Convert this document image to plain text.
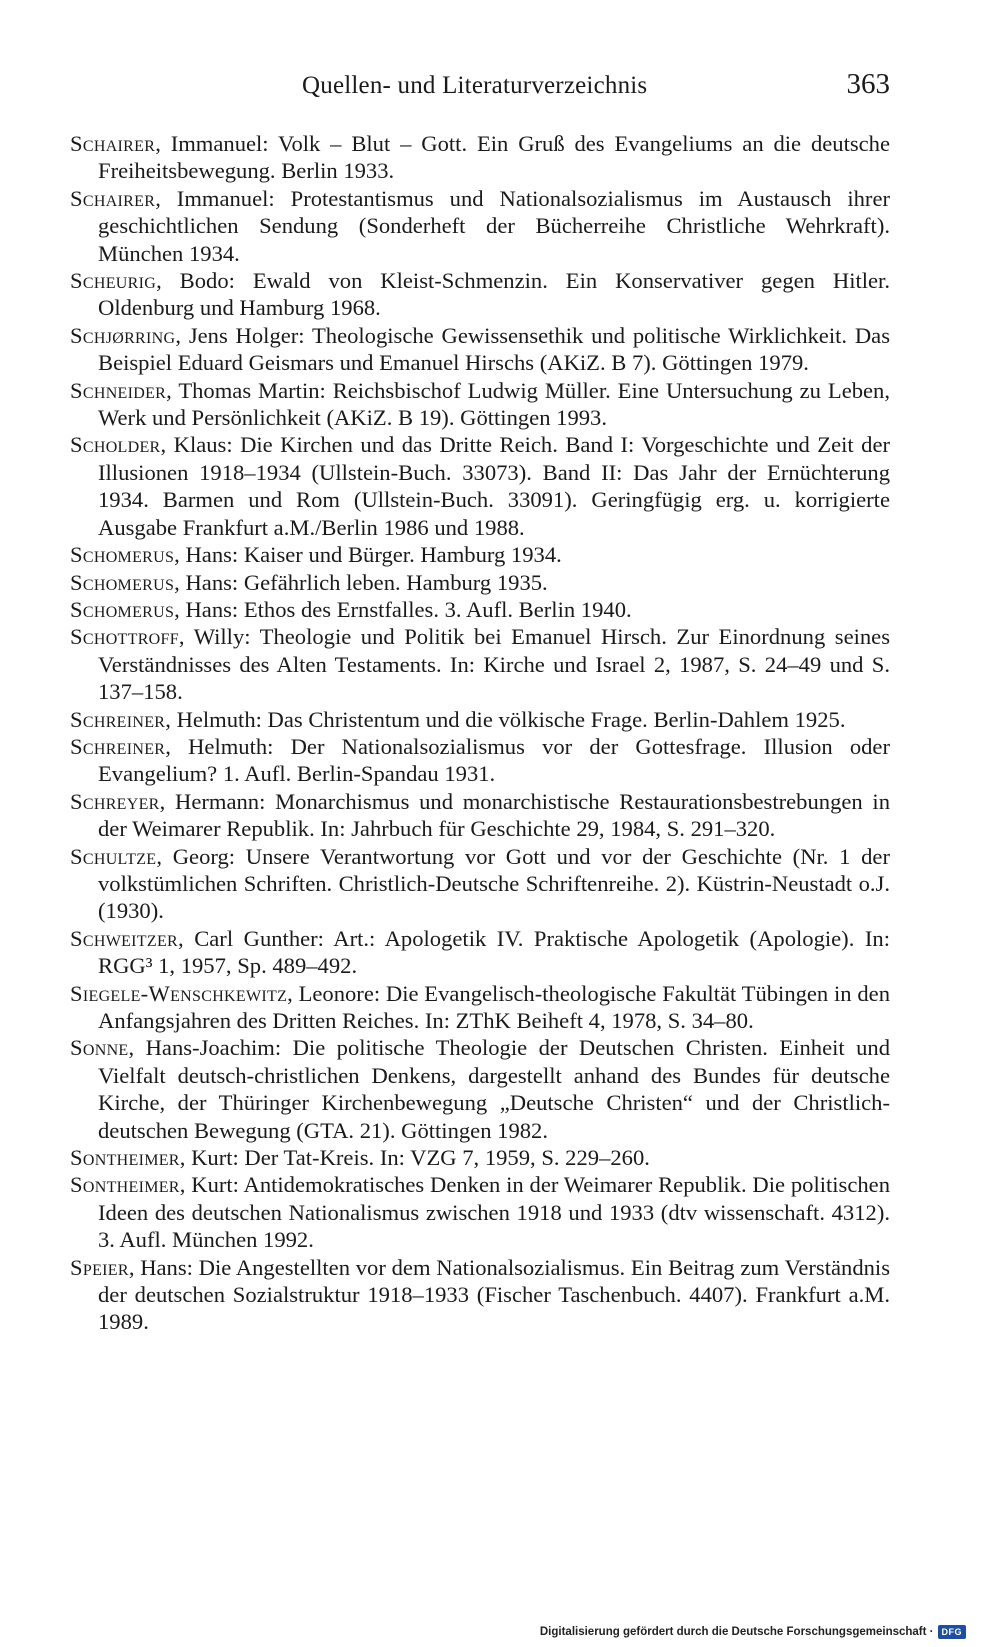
Quellen- und Literaturverzeichnis	363

Schairer, Immanuel: Volk – Blut – Gott. Ein Gruß des Evangeliums an die deutsche Freiheitsbewegung. Berlin 1933.

Schairer, Immanuel: Protestantismus und Nationalsozialismus im Austausch ihrer geschichtlichen Sendung (Sonderheft der Bücherreihe Christliche Wehrkraft). München 1934.

Scheurig, Bodo: Ewald von Kleist-Schmenzin. Ein Konservativer gegen Hitler. Oldenburg und Hamburg 1968.

Schjørring, Jens Holger: Theologische Gewissensethik und politische Wirklichkeit. Das Beispiel Eduard Geismars und Emanuel Hirschs (AKiZ. B 7). Göttingen 1979.

Schneider, Thomas Martin: Reichsbischof Ludwig Müller. Eine Untersuchung zu Leben, Werk und Persönlichkeit (AKiZ. B 19). Göttingen 1993.

Scholder, Klaus: Die Kirchen und das Dritte Reich. Band I: Vorgeschichte und Zeit der Illusionen 1918–1934 (Ullstein-Buch. 33073). Band II: Das Jahr der Ernüchterung 1934. Barmen und Rom (Ullstein-Buch. 33091). Geringfügig erg. u. korrigierte Ausgabe Frankfurt a.M./Berlin 1986 und 1988.

Schomerus, Hans: Kaiser und Bürger. Hamburg 1934.

Schomerus, Hans: Gefährlich leben. Hamburg 1935.

Schomerus, Hans: Ethos des Ernstfalles. 3. Aufl. Berlin 1940.

Schottroff, Willy: Theologie und Politik bei Emanuel Hirsch. Zur Einordnung seines Verständnisses des Alten Testaments. In: Kirche und Israel 2, 1987, S. 24–49 und S. 137–158.

Schreiner, Helmuth: Das Christentum und die völkische Frage. Berlin-Dahlem 1925.

Schreiner, Helmuth: Der Nationalsozialismus vor der Gottesfrage. Illusion oder Evangelium? 1. Aufl. Berlin-Spandau 1931.

Schreyer, Hermann: Monarchismus und monarchistische Restaurationsbestrebungen in der Weimarer Republik. In: Jahrbuch für Geschichte 29, 1984, S. 291–320.

Schultze, Georg: Unsere Verantwortung vor Gott und vor der Geschichte (Nr. 1 der volkstümlichen Schriften. Christlich-Deutsche Schriftenreihe. 2). Küstrin-Neustadt o.J. (1930).

Schweitzer, Carl Gunther: Art.: Apologetik IV. Praktische Apologetik (Apologie). In: RGG³ 1, 1957, Sp. 489–492.

Siegele-Wenschkewitz, Leonore: Die Evangelisch-theologische Fakultät Tübingen in den Anfangsjahren des Dritten Reiches. In: ZThK Beiheft 4, 1978, S. 34–80.

Sonne, Hans-Joachim: Die politische Theologie der Deutschen Christen. Einheit und Vielfalt deutsch-christlichen Denkens, dargestellt anhand des Bundes für deutsche Kirche, der Thüringer Kirchenbewegung „Deutsche Christen“ und der Christlich-deutschen Bewegung (GTA. 21). Göttingen 1982.

Sontheimer, Kurt: Der Tat-Kreis. In: VZG 7, 1959, S. 229–260.

Sontheimer, Kurt: Antidemokratisches Denken in der Weimarer Republik. Die politischen Ideen des deutschen Nationalismus zwischen 1918 und 1933 (dtv wissenschaft. 4312). 3. Aufl. München 1992.

Speier, Hans: Die Angestellten vor dem Nationalsozialismus. Ein Beitrag zum Verständnis der deutschen Sozialstruktur 1918–1933 (Fischer Taschenbuch. 4407). Frankfurt a.M. 1989.

Digitalisierung gefördert durch die Deutsche Forschungsgemeinschaft · DFG
